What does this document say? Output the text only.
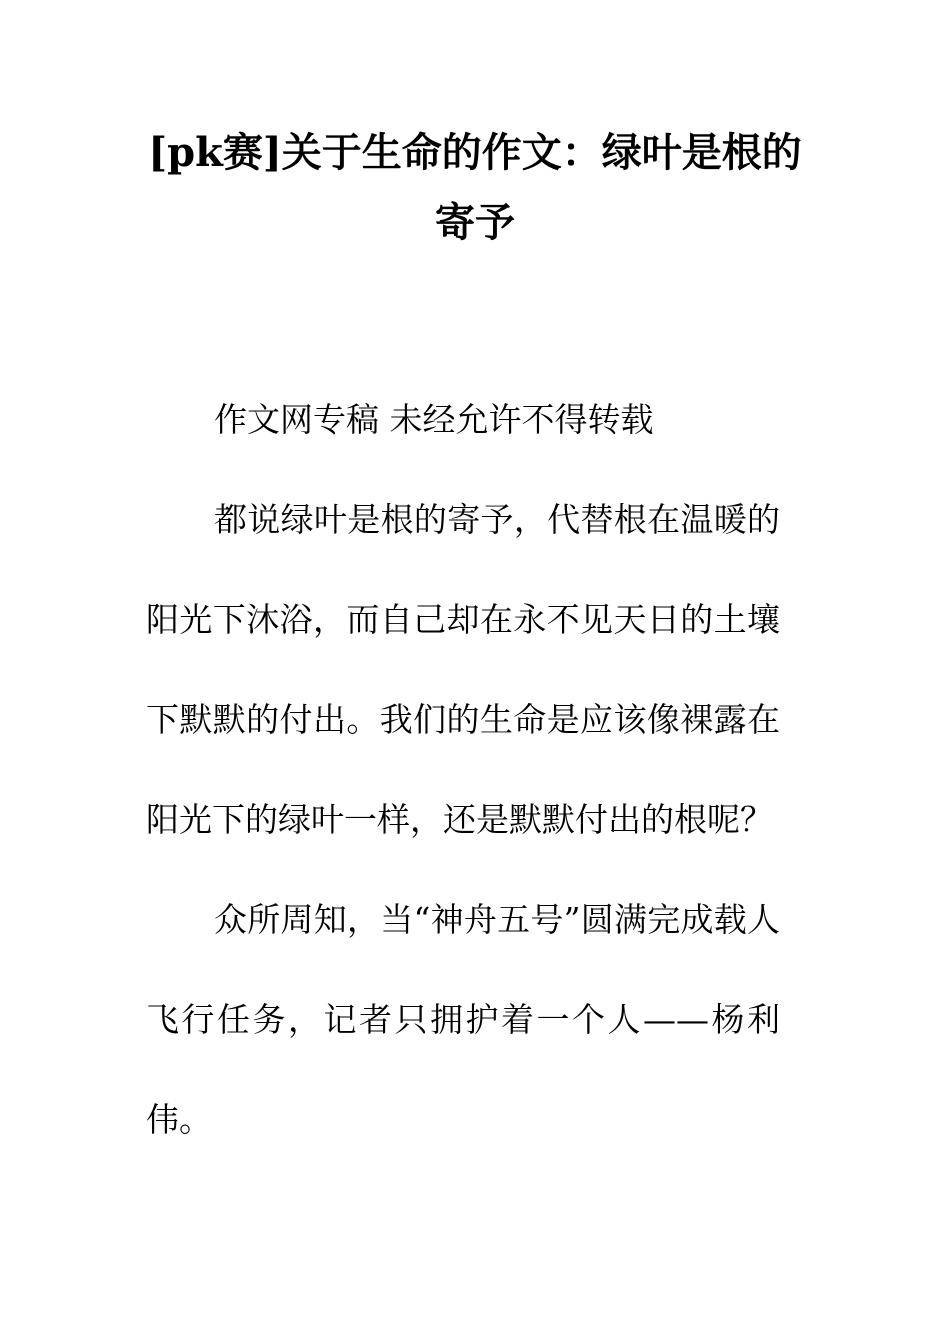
[pk赛]关于生命的作文：绿叶是根的寄予

作文网专稿 未经允许不得转载

都说绿叶是根的寄予，代替根在温暖的阳光下沐浴，而自己却在永不见天日的土壤下默默的付出。我们的生命是应该像裸露在阳光下的绿叶一样，还是默默付出的根呢？

众所周知，当“神舟五号”圆满完成载人飞行任务，记者只拥护着一个人——杨利伟。
